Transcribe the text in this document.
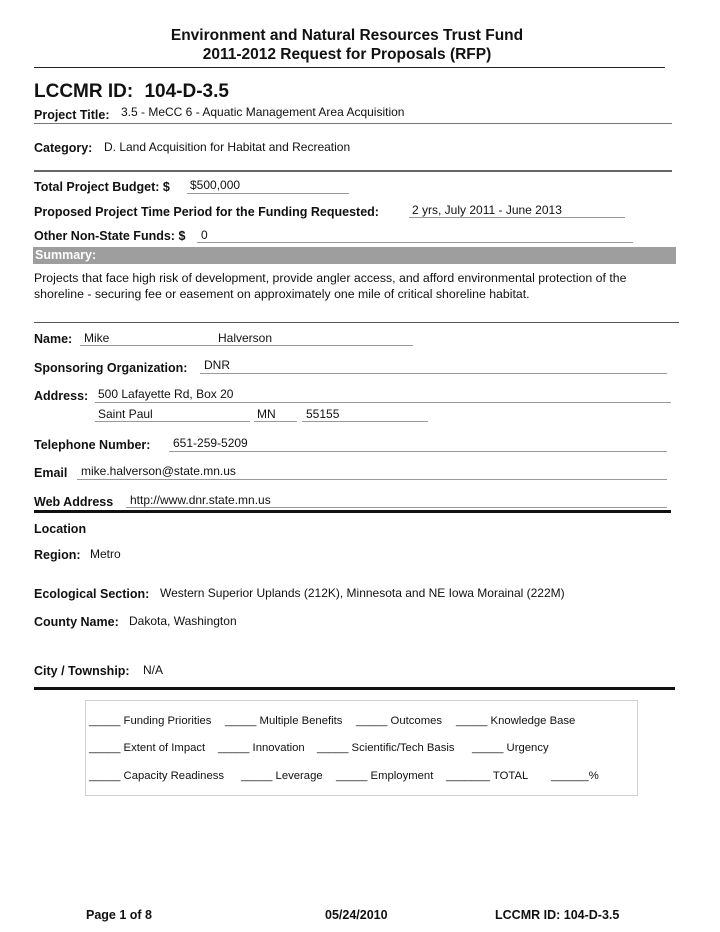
Environment and Natural Resources Trust Fund
2011-2012 Request for Proposals (RFP)
LCCMR ID: 104-D-3.5
Project Title: 3.5 - MeCC 6 - Aquatic Management Area Acquisition
Category: D. Land Acquisition for Habitat and Recreation
Total Project Budget: $ $500,000
Proposed Project Time Period for the Funding Requested:	2 yrs, July 2011 - June 2013
Other Non-State Funds: $ 0
Summary:
Projects that face high risk of development, provide angler access, and afford environmental protection of the shoreline - securing fee or easement on approximately one mile of critical shoreline habitat.
Name: Mike	Halverson
Sponsoring Organization: DNR
Address: 500 Lafayette Rd, Box 20
Saint Paul	MN	55155
Telephone Number: 651-259-5209
Email mike.halverson@state.mn.us
Web Address http://www.dnr.state.mn.us
Location
Region: Metro
Ecological Section: Western Superior Uplands (212K), Minnesota and NE Iowa Morainal (222M)
County Name: Dakota, Washington
City / Township: N/A
_____ Funding Priorities _____ Multiple Benefits _____ Outcomes _____ Knowledge Base
_____ Extent of Impact _____ Innovation _____ Scientific/Tech Basis _____ Urgency
_____ Capacity Readiness _____ Leverage _____ Employment _______ TOTAL ______%
Page 1 of 8	05/24/2010	LCCMR ID: 104-D-3.5
